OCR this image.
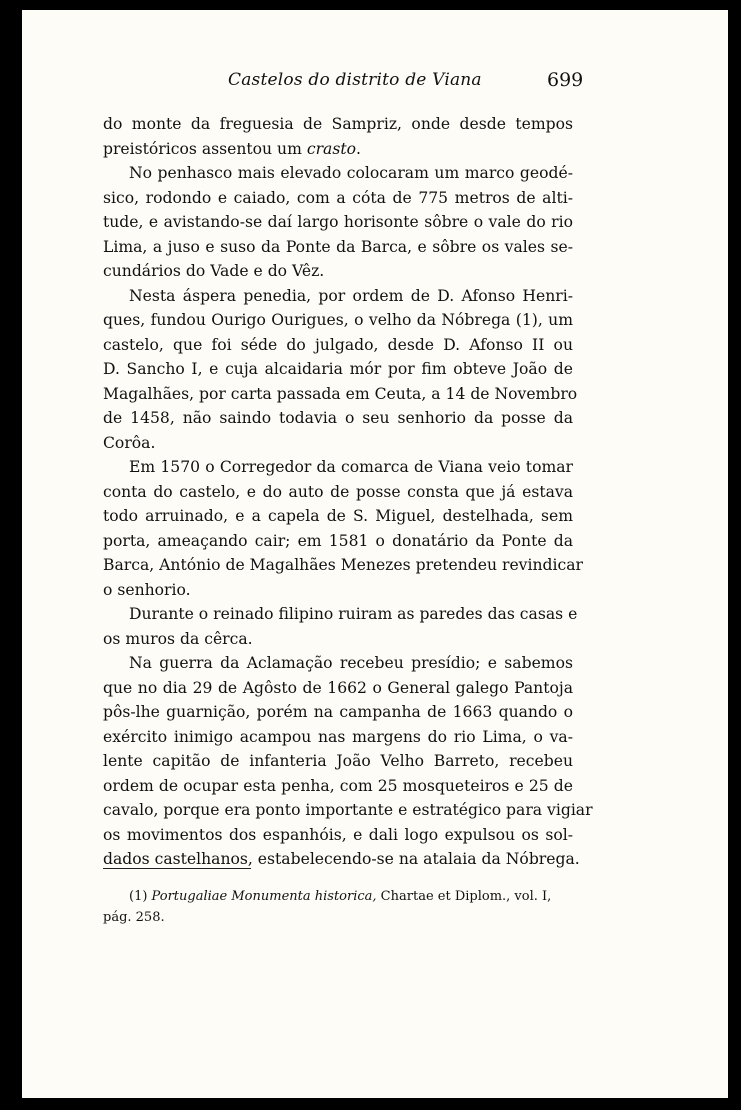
Castelos do distrito de Viana	699

do monte da freguesia de Sampriz, onde desde tempos
preistóricos assentou um crasto.

No penhasco mais elevado colocaram um marco geodé-
sico, rodondo e caiado, com a cóta de 775 metros de alti-
tude, e avistando-se daí largo horisonte sôbre o vale do rio
Lima, a juso e suso da Ponte da Barca, e sôbre os vales se-
cundários do Vade e do Vêz.

Nesta áspera penedia, por ordem de D. Afonso Henri-
ques, fundou Ourigo Ourigues, o velho da Nóbrega (1), um
castelo, que foi séde do julgado, desde D. Afonso II ou
D. Sancho I, e cuja alcaidaria mór por fim obteve João de
Magalhães, por carta passada em Ceuta, a 14 de Novembro
de 1458, não saindo todavia o seu senhorio da posse da
Corôa.

Em 1570 o Corregedor da comarca de Viana veio tomar
conta do castelo, e do auto de posse consta que já estava
todo arruinado, e a capela de S. Miguel, destelhada, sem
porta, ameaçando cair; em 1581 o donatário da Ponte da
Barca, António de Magalhães Menezes pretendeu revindicar
o senhorio.

Durante o reinado filipino ruiram as paredes das casas e
os muros da cêrca.

Na guerra da Aclamação recebeu presídio; e sabemos
que no dia 29 de Agôsto de 1662 o General galego Pantoja
pôs-lhe guarnição, porém na campanha de 1663 quando o
exército inimigo acampou nas margens do rio Lima, o va-
lente capitão de infanteria João Velho Barreto, recebeu
ordem de ocupar esta penha, com 25 mosqueteiros e 25 de
cavalo, porque era ponto importante e estratégico para vigiar
os movimentos dos espanhóis, e dali logo expulsou os sol-
dados castelhanos, estabelecendo-se na atalaia da Nóbrega.

(1) Portugaliae Monumenta historica, Chartae et Diplom., vol. I,
pág. 258.
